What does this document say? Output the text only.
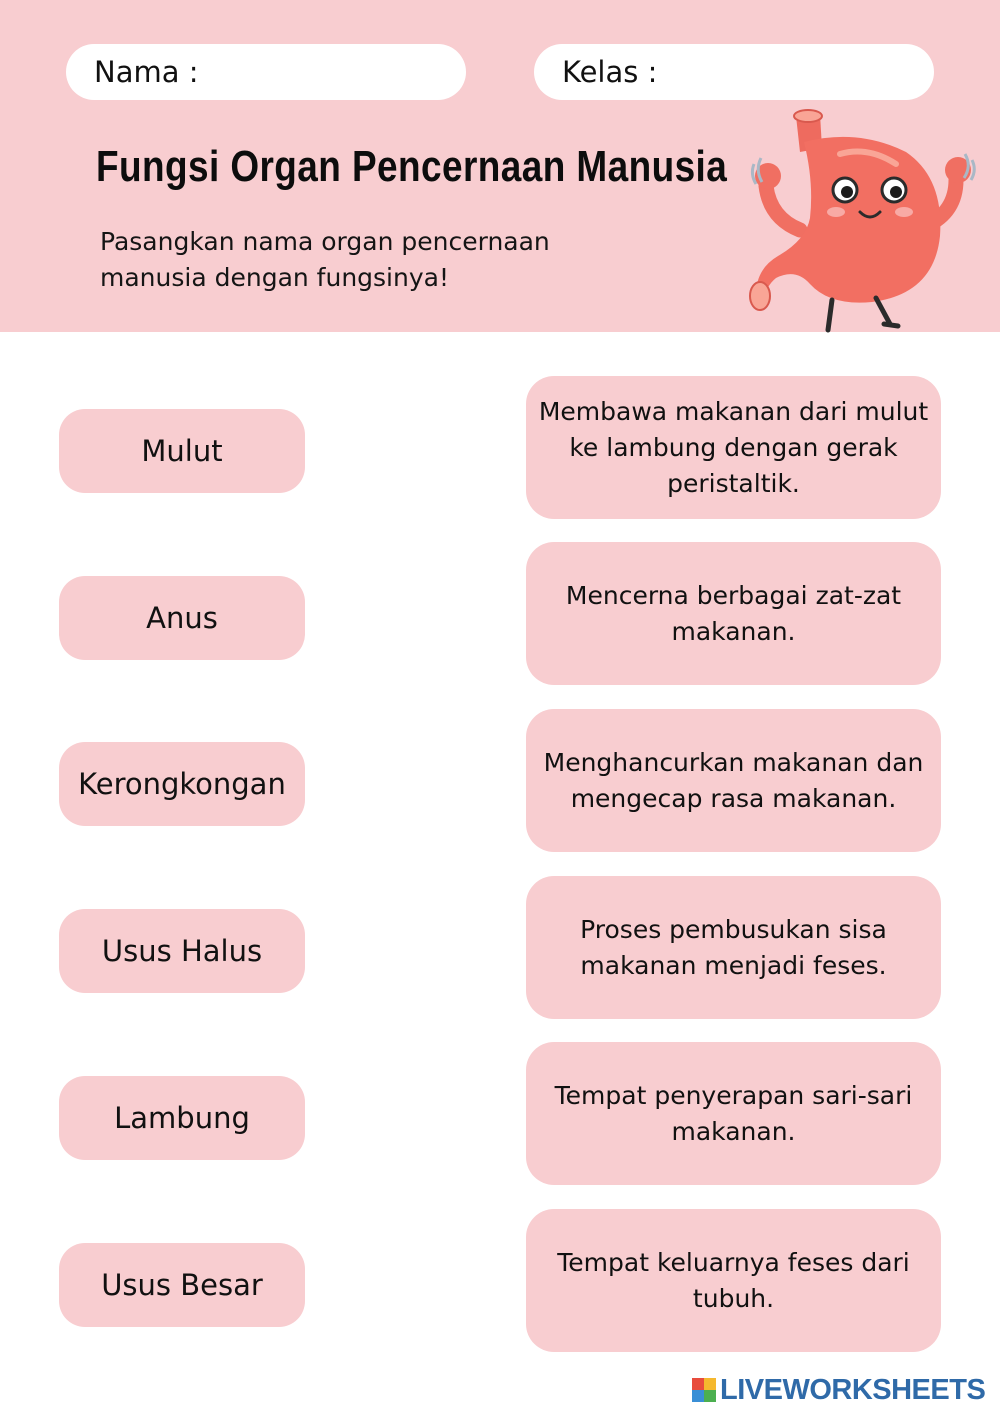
Nama :	Kelas :
Fungsi Organ Pencernaan Manusia
Pasangkan nama organ pencernaan manusia dengan fungsinya!
Mulut
Anus
Kerongkongan
Usus Halus
Lambung
Usus Besar
Membawa makanan dari mulut ke lambung dengan gerak peristaltik.
Mencerna berbagai zat-zat makanan.
Menghancurkan makanan dan mengecap rasa makanan.
Proses pembusukan sisa makanan menjadi feses.
Tempat penyerapan sari-sari makanan.
Tempat keluarnya feses dari tubuh.
LIVEWORKSHEETS
